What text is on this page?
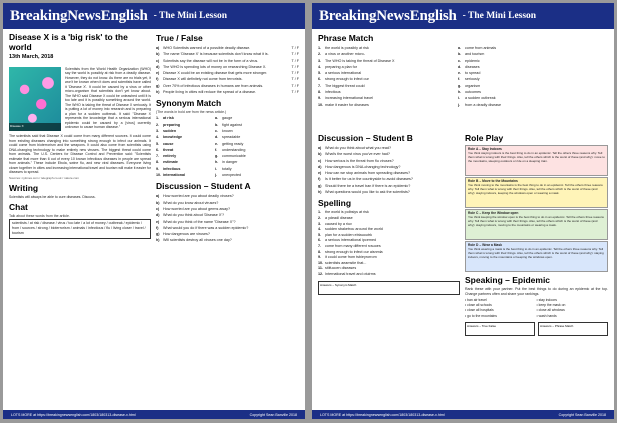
BreakingNewsEnglish - The Mini Lesson
Disease X is a 'big risk' to the world
13th March, 2018

Disease X

Scientists from the World Health Organization (WHO) say the world is possibly at risk from a deadly disease. However, they do not know. As there are no trials yet, it won't be known when it does and scientists have called it 'Disease X'. It could be caused by a virus or other micro-organism that scientists don't yet know about. The WHO said Disease X could be unleashed until it is too late and it is possibly something around the world. The WHO is taking the threat of Disease X seriously. It is putting a lot of money into research and is preparing a plan for a sudden outbreak. It said: "Disease X represents the knowledge that a serious international epidemic could be caused by a [virus] currently unknown to cause human disease."

The scientists said that Disease X could come from many different sources. It could come from existing diseases changing into something strong enough to infect our animals. It could come from bioterrorism and the weapons. It could also come from scientists using DNA-changing technology to make entirely new viruses. The biggest threat could come from animals. The U.S. Centers for Disease Control and Prevention said: "Scientists estimate that more than 6 out of every 10 known infectious diseases in people are spread from animals." These include Ebola, swine flu, and new viral diseases. Everyone living closer together in cities and increasing international travel and tourism will make it easier for diseases to spread.

Sources: nytimes.com / telegraph.co.uk / nature.com
Writing
Scientists will always be able to cure diseases. Discuss.
Chat
Talk about these words from the article.
scientists / at risk / disease / virus / too late / a lot of money / outbreak / epidemic / from / sources / strong / bioterrorism / animals / infectious / flu / living closer / travel / tourism
True / False
a)	WHO Scientists warned of a possible deadly disease.	T / F
b) The name 'Disease X' is because scientists don't know what it is.	T / F
c)	Scientists say the disease will not be in the form of a virus.	T / F
d) The WHO is spending lots of money on researching Disease X.	T / F
e)	Disease X could be an existing disease that gets more stronger.	T / F
f)	Disease X will definitely not come from terrorists.	T / F
g) Over 70% of infectious diseases in humans are from animals.	T / F
h) People living in cities will reduce the spread of a disease.	T / F
Synonym Match
(The words in bold are from the news article.)
1.	at risk	a.	gauge
2.	preparing	b.	fight against
3.	sudden	c.	known
4.	knowledge	d.	spreadable
5.	cause	e.	getting ready
6.	threat	f.	understanding
7.	entirely	g.	communicable
8.	estimate	h.	in danger
9.	infectious	i.	totally
10. international	j.	unexpected
Discussion – Student A
a)	How worried are you about deadly viruses?
b) What do you know about viruses?
c)	How worried are you about germs away?
d) What do you think about 'Disease X'?
e)	What do you think of the name "Disease X"?
f)	What would you do if there was a sudden epidemic?
g) How dangerous are viruses?
h) Will scientists destroy all viruses one day?
LOTS MORE at https://breakingnewsenglish.com/1803/180313-disease-x.html	Copyright Sean Banville 2018
BreakingNewsEnglish - The Mini Lesson
Phrase Match
1.	the world is possibly at risk	a.	come from animals
2.	a virus or another micro-	b.	and tourism
3.	The WHO is taking the threat of Disease X	c.	epidemic
4.	preparing a plan for	d.	diseases
5.	a serious international	e.	to spread
6.	strong enough to infect our	f.	seriously
7.	The biggest threat could	g.	organism
8.	infectious	h.	outcomes
9.	increasing international travel	i.	a sudden outbreak
10. make it easier for diseases	j.	from a deadly disease
Discussion – Student B
a)	What do you think about what you read?
b) What's the worst virus you've ever had?
c)	How serious is the threat from flu viruses?
d) How dangerous is DNA-changing technology?
e)	How can we stop animals from spreading diseases?
f)	Is it better for us in the countryside to avoid diseases?
g) Should there be a travel ban if there is an epidemic?
h) What questions would you like to ask the scientists?
Spelling
1.	the world is polbsiys at risk
2.	a ydeadl disease
3.	caused by a riuv
4.	sudden sbaketrou around the world
5.	plan for a sudden ebtauoutrk
6.	a serious international ipcemed
7.	come from many different rcsuoes
8.	strong enough to infect our aisnmla
9.	it could come from tsbieyrorrom
10. scientists aeamstie that...
11. stiifucoen diseases
12. International travel and otuirms
Answers – Synonym Match
Role Play
Role A – Stay Indoors
You think staying indoors is the best thing to do in an epidemic. Tell the others three reasons why. Tell them what is wrong with their things. Also, tell the others which is the worst of these (and why): move to the mountains, sleeping outdoors or ride on a sleeping train.
Role B – Move to the Mountains
You think moving to the mountains is the best thing to do in an epidemic. Tell the others three reasons why. Tell them what is wrong with their things. Also, tell the others which is the worst of these (and why): staying indoors, keeping the windows open or wearing a mask.
Role C – Keep the Window open
You think keeping the window open is the best thing to do in an epidemic. Tell the others three reasons why. Tell them what is wrong with their things. Also, tell the others which is the worst of these (and why): staying indoors, moving to the mountains or wearing a mask.
Role D – Wear a Mask
You think wearing a mask is the best thing to do in an epidemic. Tell the others three reasons why. Tell them what is wrong with their things. Also, tell the others which is the worst of these (and why): staying indoors, moving to the mountains or keeping the windows open.
Speaking – Epidemic
Rank these with your partner. Put the best things to do during an epidemic at the top. Change partners often and share your rankings.
• ban air travel
• close all schools
• close all hospitals
• go to the mountains
• stay indoors
• keep the mask on
• close all windows
• wash hands
Answers – True False	Answers – Phrase Match
LOTS MORE at https://breakingnewsenglish.com/1803/180313-disease-x.html	Copyright Sean Banville 2018
